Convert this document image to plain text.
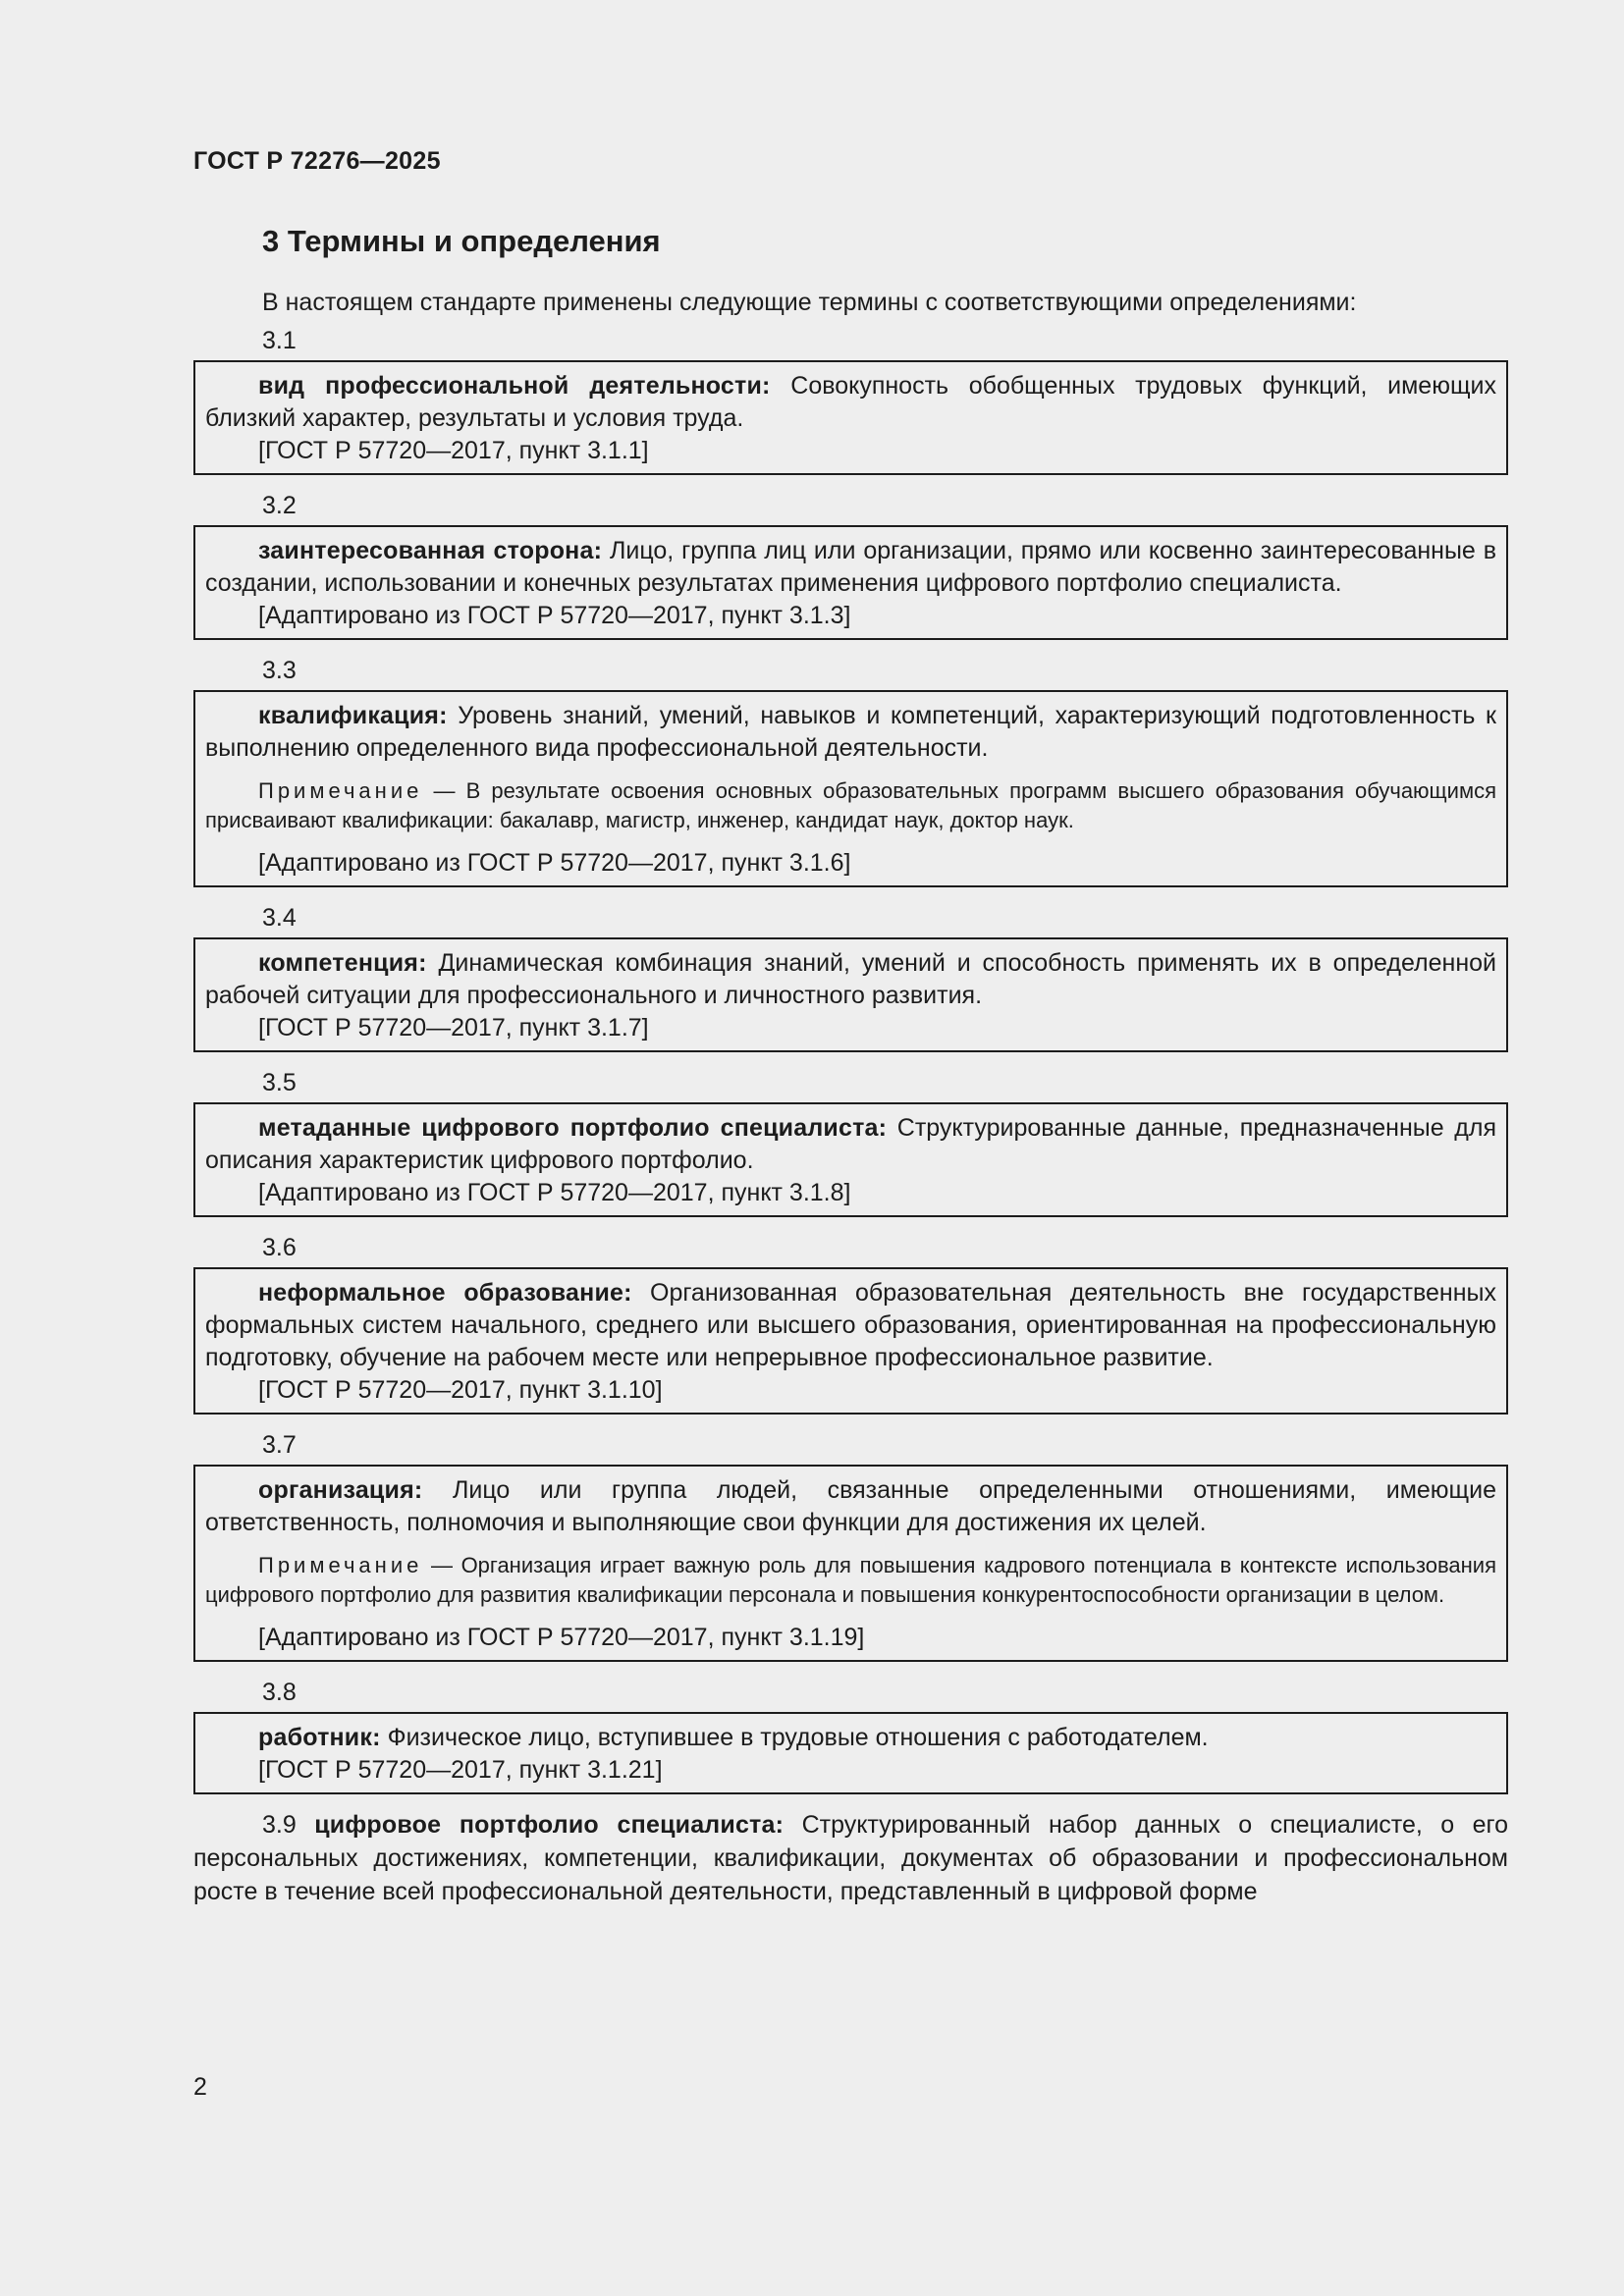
ГОСТ Р 72276—2025
3 Термины и определения
В настоящем стандарте применены следующие термины с соответствующими определениями:
3.1

вид профессиональной деятельности: Совокупность обобщенных трудовых функций, имеющих близкий характер, результаты и условия труда.

[ГОСТ Р 57720—2017, пункт 3.1.1]

3.2

заинтересованная сторона: Лицо, группа лиц или организации, прямо или косвенно заинтересованные в создании, использовании и конечных результатах применения цифрового портфолио специалиста.

[Адаптировано из ГОСТ Р 57720—2017, пункт 3.1.3]

3.3

квалификация: Уровень знаний, умений, навыков и компетенций, характеризующий подготовленность к выполнению определенного вида профессиональной деятельности.

Примечание — В результате освоения основных образовательных программ высшего образования обучающимся присваивают квалификации: бакалавр, магистр, инженер, кандидат наук, доктор наук.

[Адаптировано из ГОСТ Р 57720—2017, пункт 3.1.6]

3.4

компетенция: Динамическая комбинация знаний, умений и способность применять их в определенной рабочей ситуации для профессионального и личностного развития.

[ГОСТ Р 57720—2017, пункт 3.1.7]

3.5

метаданные цифрового портфолио специалиста: Структурированные данные, предназначенные для описания характеристик цифрового портфолио.

[Адаптировано из ГОСТ Р 57720—2017, пункт 3.1.8]

3.6

неформальное образование: Организованная образовательная деятельность вне государственных формальных систем начального, среднего или высшего образования, ориентированная на профессиональную подготовку, обучение на рабочем месте или непрерывное профессиональное развитие.

[ГОСТ Р 57720—2017, пункт 3.1.10]

3.7

организация: Лицо или группа людей, связанные определенными отношениями, имеющие ответственность, полномочия и выполняющие свои функции для достижения их целей.

Примечание — Организация играет важную роль для повышения кадрового потенциала в контексте использования цифрового портфолио для развития квалификации персонала и повышения конкурентоспособности организации в целом.

[Адаптировано из ГОСТ Р 57720—2017, пункт 3.1.19]

3.8

работник: Физическое лицо, вступившее в трудовые отношения с работодателем.

[ГОСТ Р 57720—2017, пункт 3.1.21]

3.9 цифровое портфолио специалиста: Структурированный набор данных о специалисте, о его персональных достижениях, компетенции, квалификации, документах об образовании и профессиональном росте в течение всей профессиональной деятельности, представленный в цифровой форме

2
